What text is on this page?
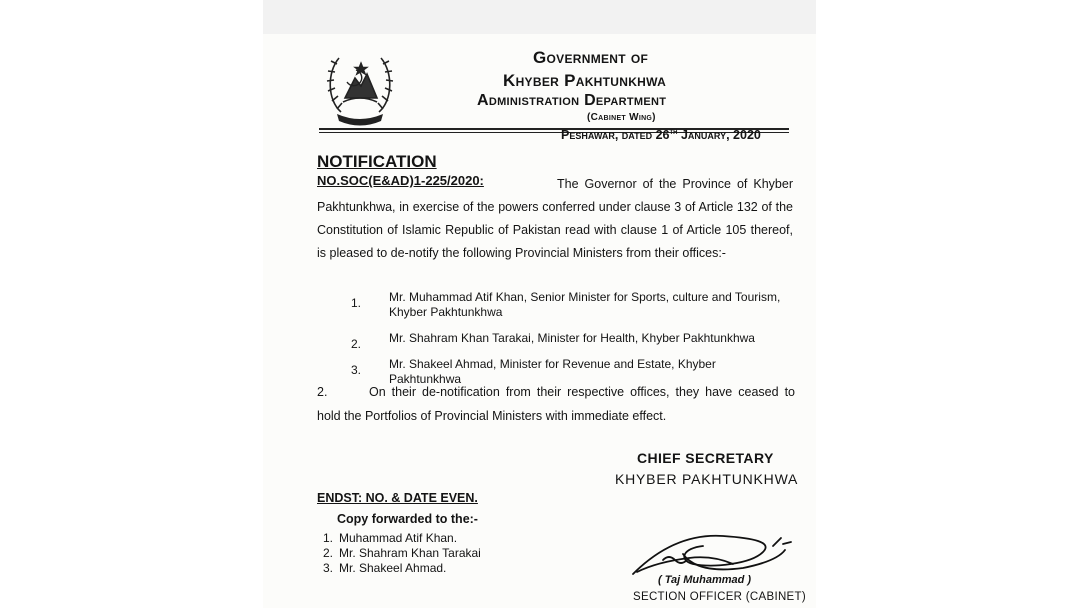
Government of
Khyber Pakhtunkhwa
Administration Department
(Cabinet Wing)
Peshawar, dated 26th January, 2020
NOTIFICATION
The Governor of the Province of Khyber Pakhtunkhwa, in exercise of the powers conferred under clause 3 of Article 132 of the Constitution of Islamic Republic of Pakistan read with clause 1 of Article 105 thereof, is pleased to de-notify the following Provincial Ministers from their offices:-
NO.SOC(E&AD)1-225/2020:
1. Mr. Muhammad Atif Khan, Senior Minister for Sports, culture and Tourism, Khyber Pakhtunkhwa
2. Mr. Shahram Khan Tarakai, Minister for Health, Khyber Pakhtunkhwa
3. Mr. Shakeel Ahmad, Minister for Revenue and Estate, Khyber Pakhtunkhwa
2.	On their de-notification from their respective offices, they have ceased to hold the Portfolios of Provincial Ministers with immediate effect.
CHIEF SECRETARY
KHYBER PAKHTUNKHWA
ENDST: NO. & DATE EVEN.
Copy forwarded to the:-
1. Muhammad Atif Khan.
2. Mr. Shahram Khan Tarakai
3. Mr. Shakeel Ahmad.
( Taj Muhammad )
SECTION OFFICER (CABINET)
